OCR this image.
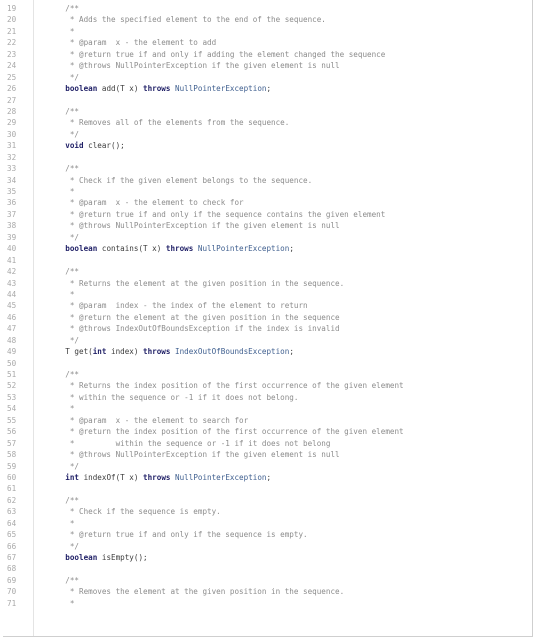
19	/**
20	* Adds the specified element to the end of the sequence.
21	*
22	* @param  x - the element to add
23	* @return true if and only if adding the element changed the sequence
24	* @throws NullPointerException if the given element is null
25	*/
26	boolean add(T x) throws NullPointerException;
27
28	/**
29	* Removes all of the elements from the sequence.
30	*/
31	void clear();
32
33	/**
34	* Check if the given element belongs to the sequence.
35	*
36	* @param  x - the element to check for
37	* @return true if and only if the sequence contains the given element
38	* @throws NullPointerException if the given element is null
39	*/
40	boolean contains(T x) throws NullPointerException;
41
42	/**
43	* Returns the element at the given position in the sequence.
44	*
45	* @param  index - the index of the element to return
46	* @return the element at the given position in the sequence
47	* @throws IndexOutOfBoundsException if the index is invalid
48	*/
49	T get(int index) throws IndexOutOfBoundsException;
50
51	/**
52	* Returns the index position of the first occurrence of the given element
53	* within the sequence or -1 if it does not belong.
54	*
55	* @param  x - the element to search for
56	* @return the index position of the first occurrence of the given element
57	*         within the sequence or -1 if it does not belong
58	* @throws NullPointerException if the given element is null
59	*/
60	int indexOf(T x) throws NullPointerException;
61
62	/**
63	* Check if the sequence is empty.
64	*
65	* @return true if and only if the sequence is empty.
66	*/
67	boolean isEmpty();
68
69	/**
70	* Removes the element at the given position in the sequence.
71	*
